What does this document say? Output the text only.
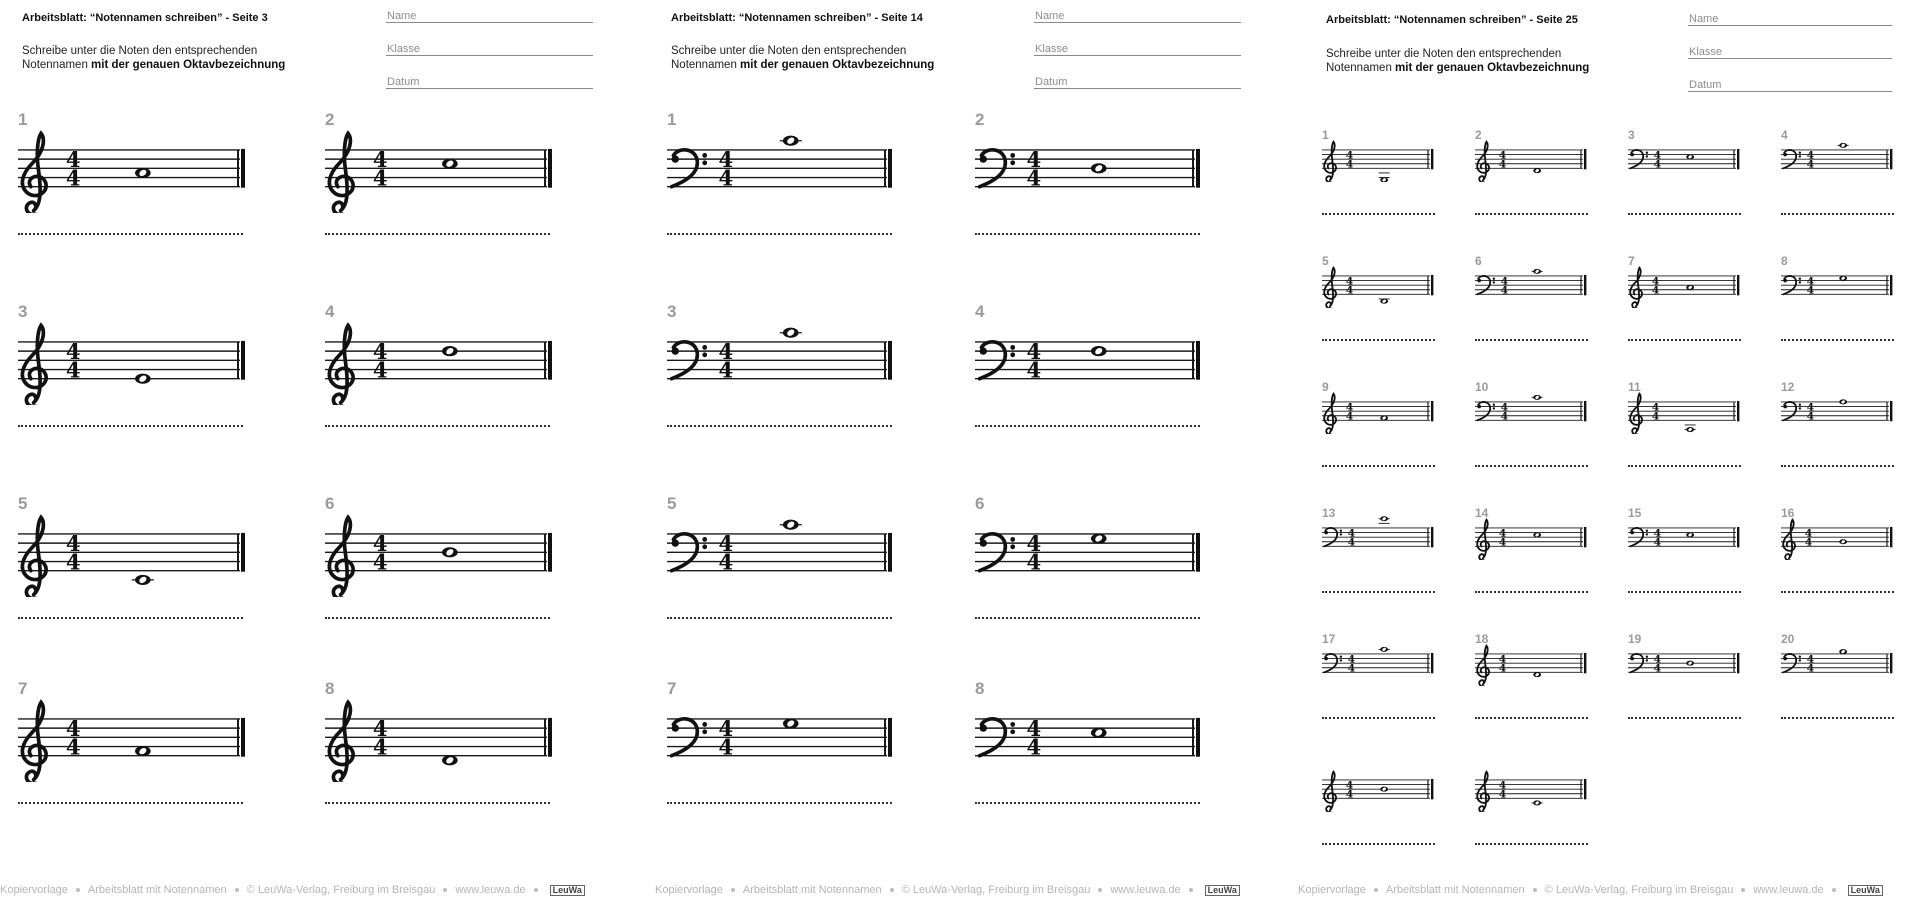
Arbeitsblatt: “Notennamen schreiben” - Seite 3
Schreibe unter die Noten den entsprechenden Notennamen mit der genauen Oktavbezeichnung
Name
Klasse
Datum
1
4
4
2
4
4
3
4
4
4
4
4
5
4
4
6
4
4
7
4
4
8
4
4
Kopiervorlage Arbeitsblatt mit Notennamen © LeuWa-Verlag, Freiburg im Breisgau www.leuwa.de	LeuWa
Arbeitsblatt: “Notennamen schreiben” - Seite 14
Schreibe unter die Noten den entsprechenden Notennamen mit der genauen Oktavbezeichnung
Name
Klasse
Datum
1
4
4
2
4
4
3
4
4
4
4
4
5
4
4
6
4
4
7
4
4
8
4
4
Kopiervorlage Arbeitsblatt mit Notennamen © LeuWa-Verlag, Freiburg im Breisgau www.leuwa.de	LeuWa
Arbeitsblatt: “Notennamen schreiben” - Seite 25
Schreibe unter die Noten den entsprechenden Notennamen mit der genauen Oktavbezeichnung
Name
Klasse
Datum
1
4
4
2
4
4
3
4
4
4
4
4
5
4
4
6
4
4
7
4
4
8
4
4
9
4
4
10
4
4
11
4
4
12
4
4
13
4
4
14
4
4
15
4
4
16
4
4
17
4
4
18
4
4
19
4
4
20
4
4
4
4
4
4
Kopiervorlage Arbeitsblatt mit Notennamen © LeuWa-Verlag, Freiburg im Breisgau www.leuwa.de	LeuWa
